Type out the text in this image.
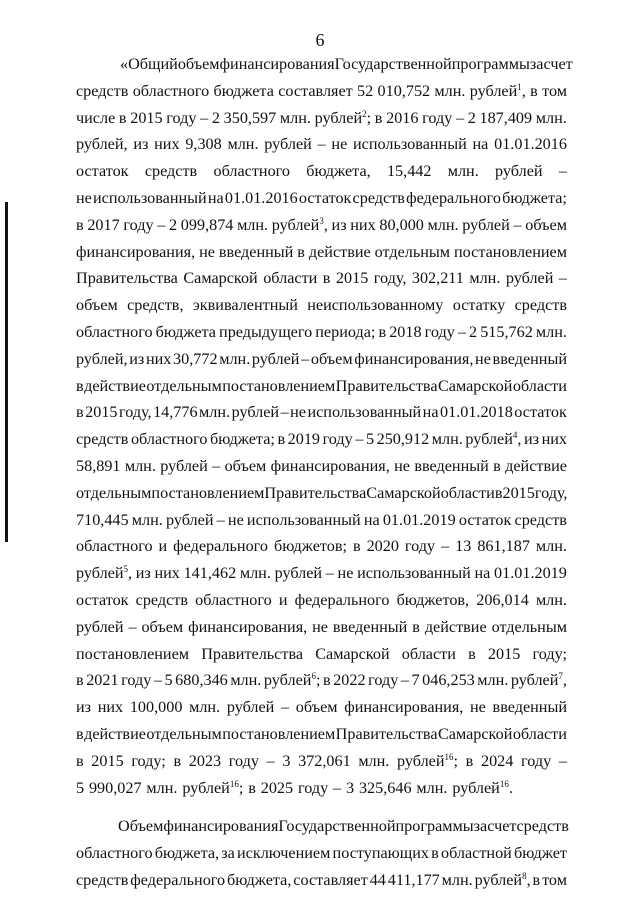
6
«Общий объем финансирования Государственной программы за счет
средств областного бюджета составляет 52 010,752 млн. рублей$^1$, в том
числе в 2015 году – 2 350,597 млн. рублей$^2$; в 2016 году – 2 187,409 млн.
рублей, из них 9,308 млн. рублей – не использованный на 01.01.2016
остаток средств областного бюджета, 15,442 млн. рублей –
не использованный на 01.01.2016 остаток средств федерального бюджета;
в 2017 году – 2 099,874 млн. рублей$^3$, из них 80,000 млн. рублей – объем
финансирования, не введенный в действие отдельным постановлением
Правительства Самарской области в 2015 году, 302,211 млн. рублей –
объем средств, эквивалентный неиспользованному остатку средств
областного бюджета предыдущего периода; в 2018 году – 2 515,762 млн.
рублей, из них 30,772 млн. рублей – объем финансирования, не введенный
в действие отдельным постановлением Правительства Самарской области
в 2015 году, 14,776 млн. рублей – не использованный на 01.01.2018 остаток
средств областного бюджета; в 2019 году – 5 250,912 млн. рублей$^4$, из них
58,891 млн. рублей – объем финансирования, не введенный в действие
отдельным постановлением Правительства Самарской области в 2015 году,
710,445 млн. рублей – не использованный на 01.01.2019 остаток средств
областного и федерального бюджетов; в 2020 году – 13 861,187 млн.
рублей$^5$, из них 141,462 млн. рублей – не использованный на 01.01.2019
остаток средств областного и федерального бюджетов, 206,014 млн.
рублей – объем финансирования, не введенный в действие отдельным
постановлением Правительства Самарской области в 2015 году;
в 2021 году – 5 680,346 млн. рублей$^6$; в 2022 году – 7 046,253 млн. рублей$^7$,
из них 100,000 млн. рублей – объем финансирования, не введенный
в действие отдельным постановлением Правительства Самарской области
в 2015 году; в 2023 году – 3 372,061 млн. рублей$^{16}$; в 2024 году –
5 990,027 млн. рублей$^{16}$; в 2025 году – 3 325,646 млн. рублей$^{16}$.
Объем финансирования Государственной программы за счет средств
областного бюджета, за исключением поступающих в областной бюджет
средств федерального бюджета, составляет 44 411,177 млн. рублей$^8$, в том
